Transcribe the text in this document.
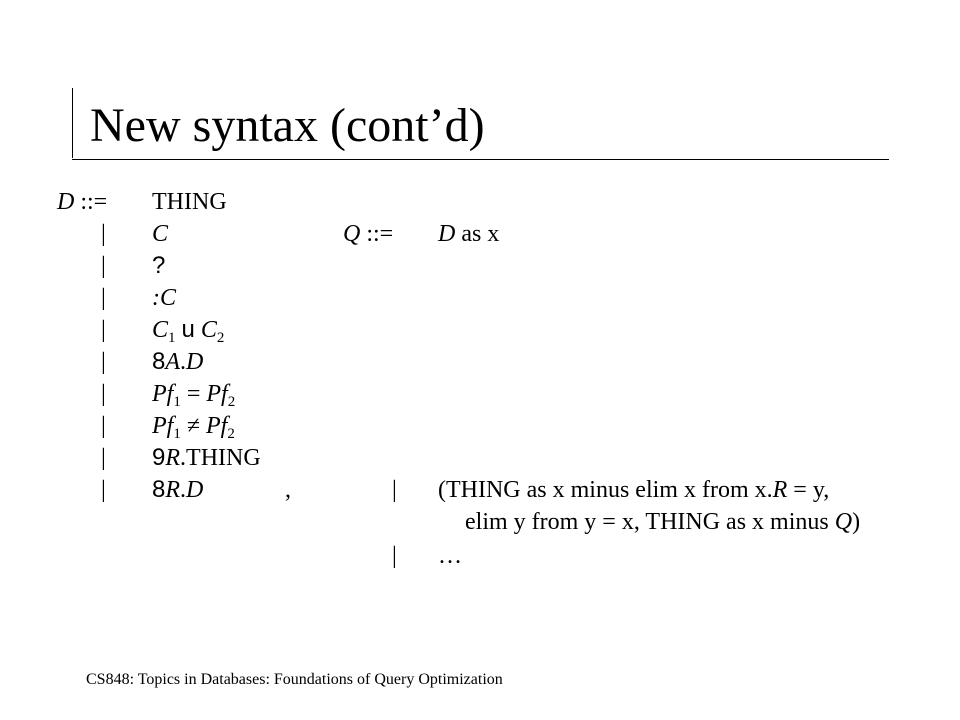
New syntax (cont’d)
D ::= THING
| C
| ?
| :C
| $C_1$ u $C_2$
| 8A.D
| $Pf_1 = Pf_2$
| $Pf_1 \ne Pf_2$
| 9R.THING
| 8R.D	,
Q ::= D as x
| (THING as x minus elim x from x.R = y,
elim y from y = x, THING as x minus Q)
| …
CS848: Topics in Databases: Foundations of Query Optimization
